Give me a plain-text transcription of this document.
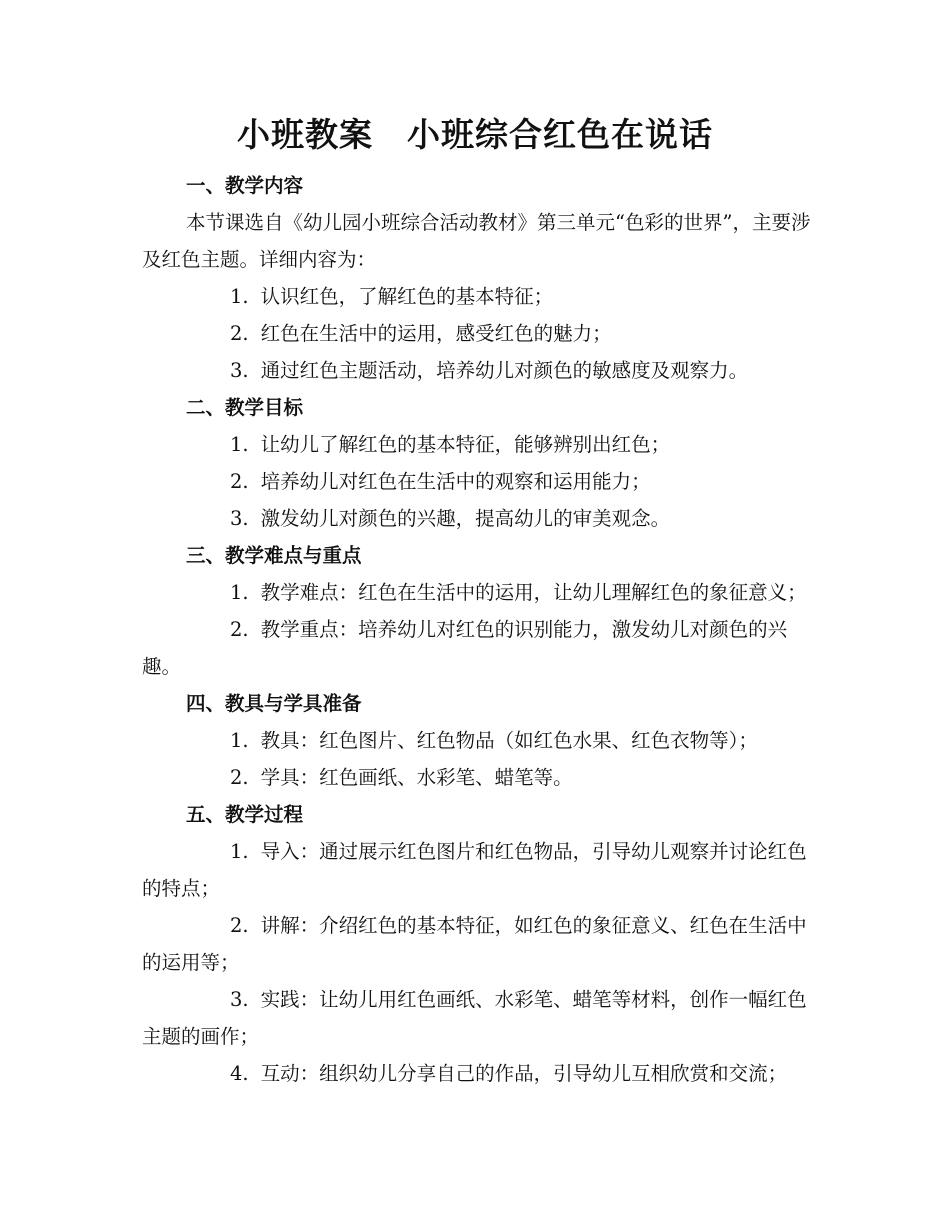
小班教案　小班综合红色在说话

一、教学内容

本节课选自《幼儿园小班综合活动教材》第三单元“色彩的世界”，主要涉及红色主题。详细内容为：

1. 认识红色，了解红色的基本特征；

2. 红色在生活中的运用，感受红色的魅力；

3. 通过红色主题活动，培养幼儿对颜色的敏感度及观察力。

二、教学目标

1. 让幼儿了解红色的基本特征，能够辨别出红色；

2. 培养幼儿对红色在生活中的观察和运用能力；

3. 激发幼儿对颜色的兴趣，提高幼儿的审美观念。

三、教学难点与重点

1. 教学难点：红色在生活中的运用，让幼儿理解红色的象征意义；

2. 教学重点：培养幼儿对红色的识别能力，激发幼儿对颜色的兴趣。

四、教具与学具准备

1. 教具：红色图片、红色物品（如红色水果、红色衣物等）；

2. 学具：红色画纸、水彩笔、蜡笔等。

五、教学过程

1. 导入：通过展示红色图片和红色物品，引导幼儿观察并讨论红色的特点；

2. 讲解：介绍红色的基本特征，如红色的象征意义、红色在生活中的运用等；

3. 实践：让幼儿用红色画纸、水彩笔、蜡笔等材料，创作一幅红色主题的画作；

4. 互动：组织幼儿分享自己的作品，引导幼儿互相欣赏和交流；
